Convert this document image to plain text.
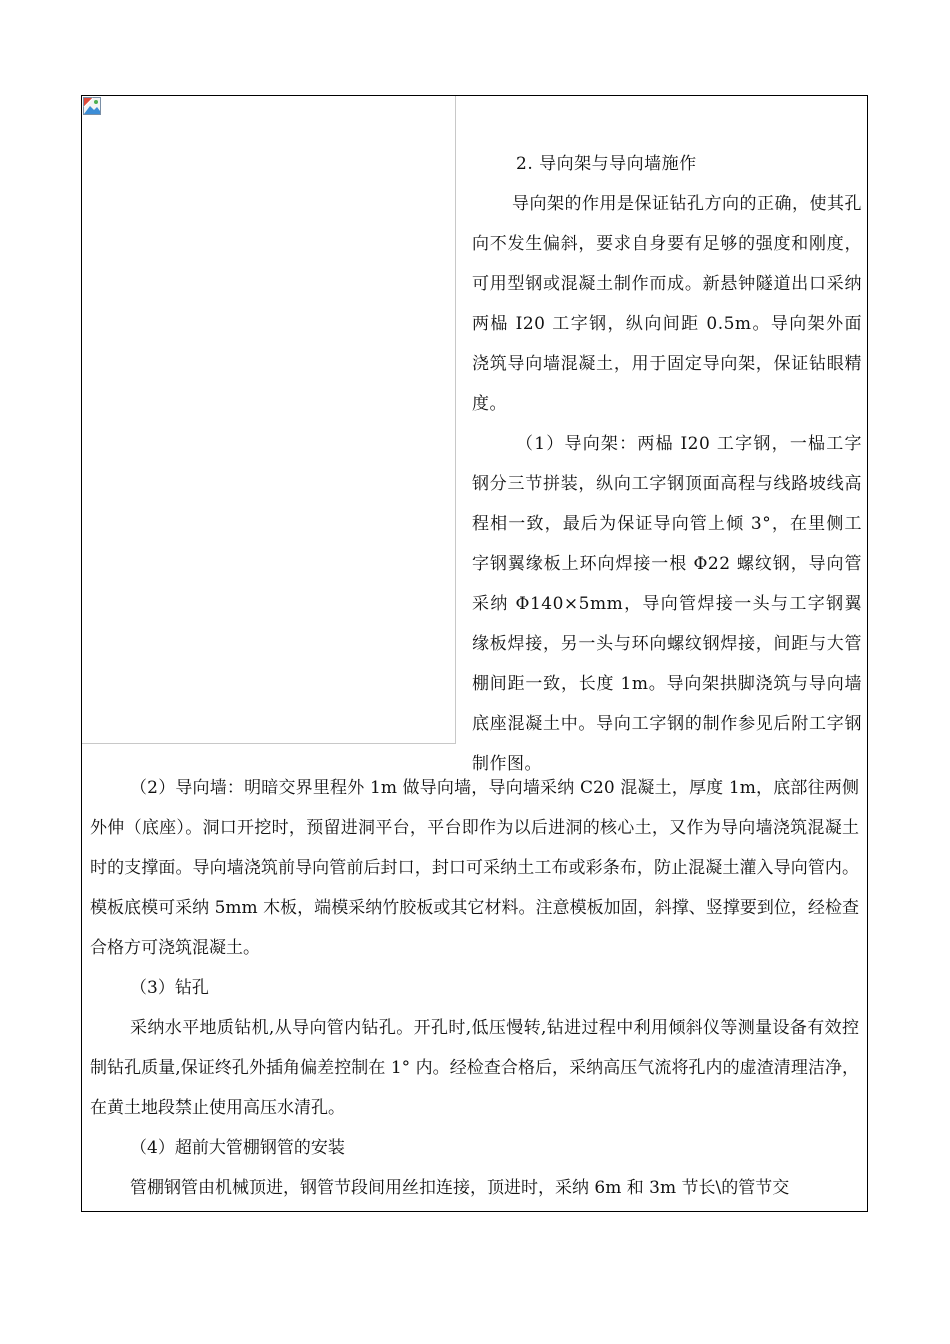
2. 导向架与导向墙施作

导向架的作用是保证钻孔方向的正确，使其孔向不发生偏斜，要求自身要有足够的强度和刚度，可用型钢或混凝土制作而成。新悬钟隧道出口采纳两榀 I20 工字钢，纵向间距 0.5m。导向架外面浇筑导向墙混凝土，用于固定导向架，保证钻眼精度。

（1）导向架：两榀 I20 工字钢，一榀工字钢分三节拼装，纵向工字钢顶面高程与线路坡线高程相一致，最后为保证导向管上倾 3°，在里侧工字钢翼缘板上环向焊接一根 Φ22 螺纹钢，导向管采纳 Φ140×5mm，导向管焊接一头与工字钢翼缘板焊接，另一头与环向螺纹钢焊接，间距与大管棚间距一致，长度 1m。导向架拱脚浇筑与导向墙底座混凝土中。导向工字钢的制作参见后附工字钢制作图。

（2）导向墙：明暗交界里程外 1m 做导向墙，导向墙采纳 C20 混凝土，厚度 1m，底部往两侧外伸（底座）。洞口开挖时，预留进洞平台，平台即作为以后进洞的核心土，又作为导向墙浇筑混凝土时的支撑面。导向墙浇筑前导向管前后封口，封口可采纳土工布或彩条布，防止混凝土灌入导向管内。模板底模可采纳 5mm 木板，端模采纳竹胶板或其它材料。注意模板加固，斜撑、竖撑要到位，经检查合格方可浇筑混凝土。

（3）钻孔

采纳水平地质钻机,从导向管内钻孔。开孔时,低压慢转,钻进过程中利用倾斜仪等测量设备有效控制钻孔质量,保证终孔外插角偏差控制在 1° 内。经检查合格后，采纳高压气流将孔内的虚渣清理洁净，在黄土地段禁止使用高压水清孔。

（4）超前大管棚钢管的安装

管棚钢管由机械顶进，钢管节段间用丝扣连接，顶进时，采纳 6m 和 3m 节长\的管节交
